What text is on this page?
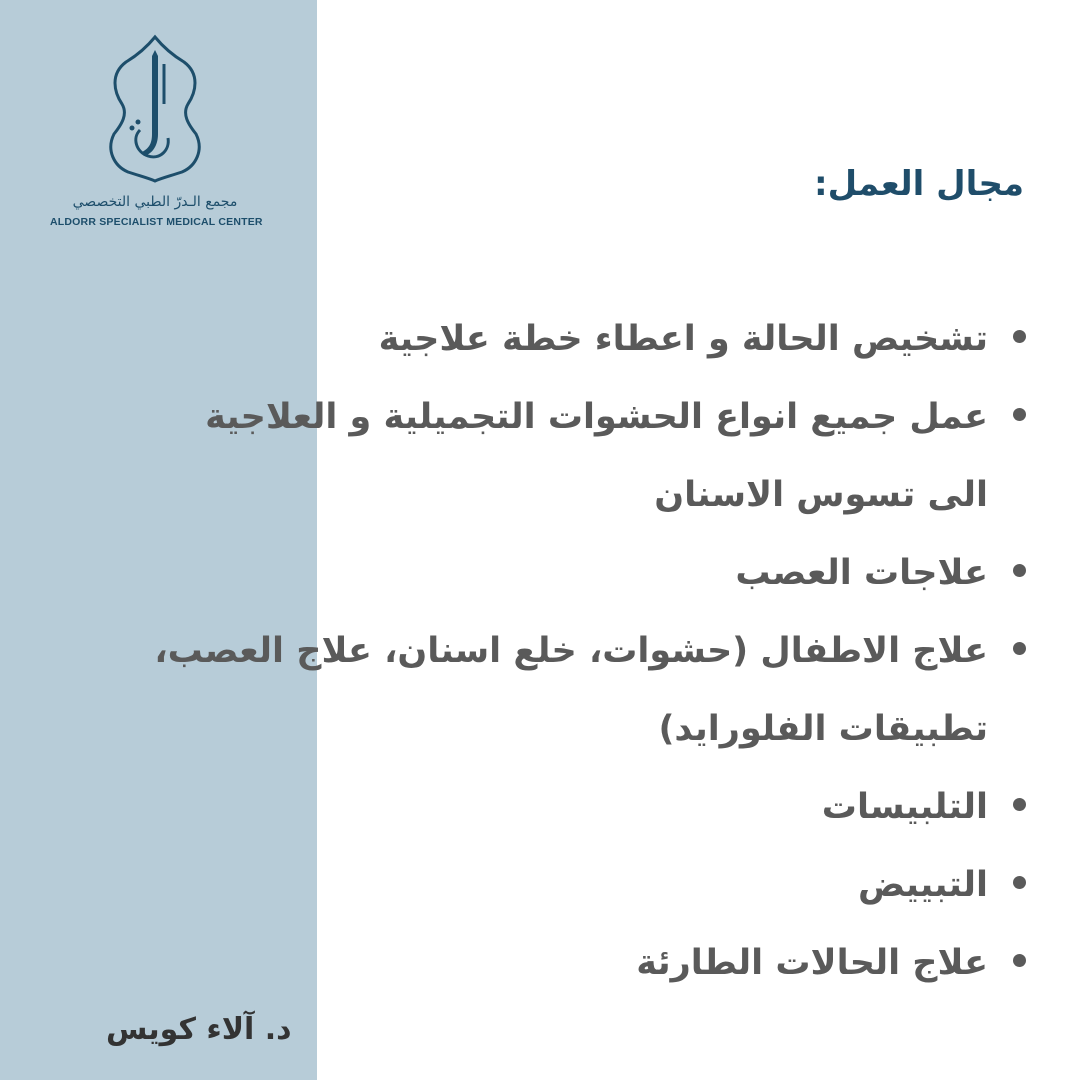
مجمع الـدرّ الطبي التخصصي
ALDORR SPECIALIST MEDICAL CENTER
مجال العمل:
تشخيص الحالة و اعطاء خطة علاجية
عمل جميع انواع الحشوات التجميلية و العلاجية
الى تسوس الاسنان
علاجات العصب
علاج الاطفال (حشوات، خلع اسنان، علاج العصب،
تطبيقات الفلورايد)
التلبيسات
التبييض
علاج الحالات الطارئة
د. آلاء كويس
